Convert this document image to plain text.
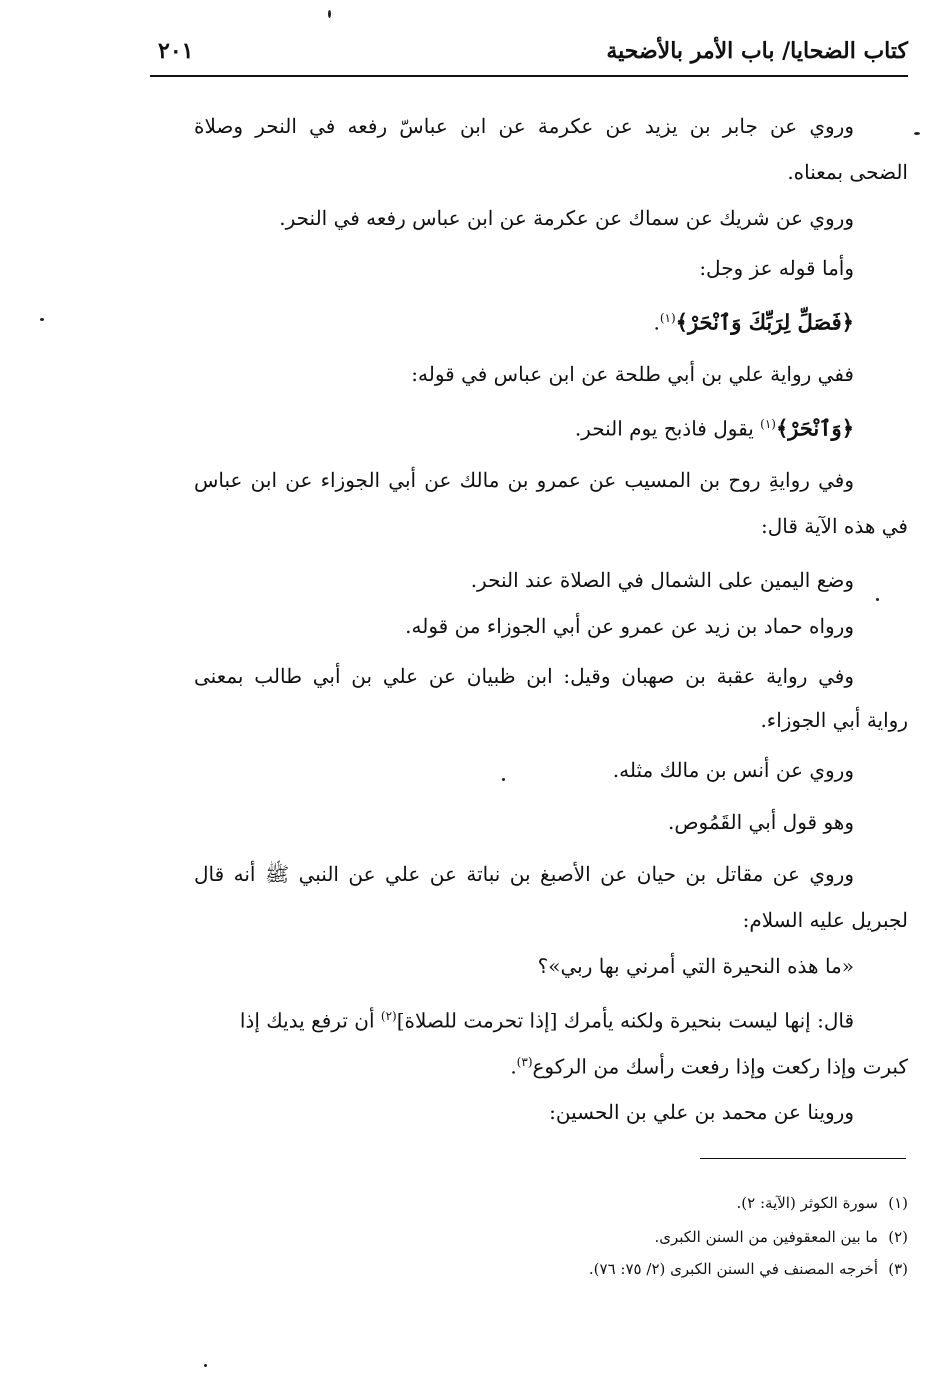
كتاب الضحايا/ باب الأمر بالأضحية
٢٠١
وروي عن جابر بن يزيد عن عكرمة عن ابن عباسّ رفعه في النحر وصلاة
الضحى بمعناه.
وروي عن شريك عن سماك عن عكرمة عن ابن عباس رفعه في النحر.
وأما قوله عز وجل:
﴿فَصَلِّ لِرَبِّكَ وَٱنْحَرْ﴾$^{(١)}$.
ففي رواية علي بن أبي طلحة عن ابن عباس في قوله:
﴿وَٱنْحَرْ﴾$^{(١)}$ يقول فاذبح يوم النحر.
وفي روايةِ روح بن المسيب عن عمرو بن مالك عن أبي الجوزاء عن ابن عباس
في هذه الآية قال:
وضع اليمين على الشمال في الصلاة عند النحر.
ورواه حماد بن زيد عن عمرو عن أبي الجوزاء من قوله.
وفي رواية عقبة بن صهبان وقيل: ابن ظبيان عن علي بن أبي طالب بمعنى
رواية أبي الجوزاء.
وروي عن أنس بن مالك مثله.
وهو قول أبي القَمُوص.
وروي عن مقاتل بن حيان عن الأصبغ بن نباتة عن علي عن النبي ﷺ أنه قال
لجبريل عليه السلام:
«ما هذه النحيرة التي أمرني بها ربي»؟
قال: إنها ليست بنحيرة ولكنه يأمرك [إذا تحرمت للصلاة]$^{(٢)}$ أن ترفع يديك إذا
كبرت وإذا ركعت وإذا رفعت رأسك من الركوع$^{(٣)}$.
وروينا عن محمد بن علي بن الحسين:
(١)سورة الكوثر (الآية: ٢).
(٢)ما بين المعقوفين من السنن الكبرى.
(٣)أخرجه المصنف في السنن الكبرى (٢/ ٧٥: ٧٦).
